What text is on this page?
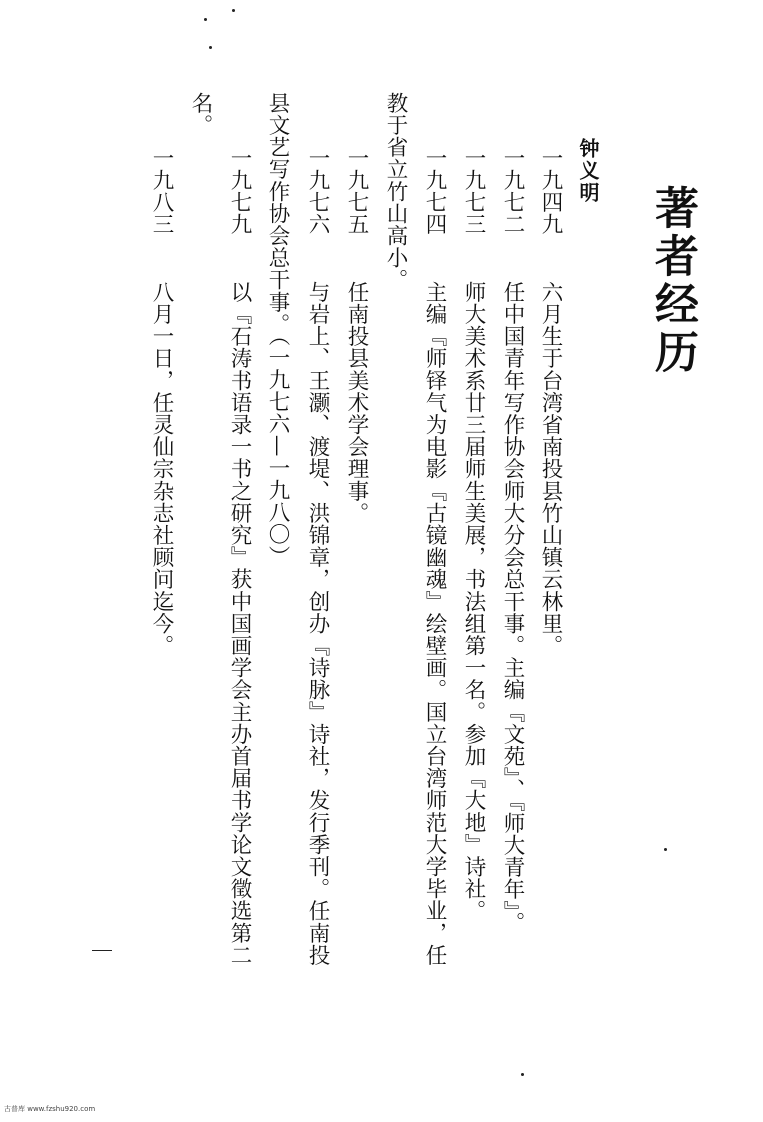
著者经历
钟义明
一九四九六月生于台湾省南投县竹山镇云林里。
一九七二任中国青年写作协会师大分会总干事。主编『文苑』、『师大青年』。
一九七三师大美术系廿三届师生美展，书法组第一名。参加『大地』诗社。
一九七四主编『师铎气为电影『古镜幽魂』绘壁画。国立台湾师范大学毕业，任
教于省立竹山高小。
一九七五任南投县美术学会理事。
一九七六与岩上、王灏、渡堤、洪锦章，创办『诗脉』诗社，发行季刊。任南投
县文艺写作协会总干事。（一九七六—一九八〇）
一九七九以『石涛书语录一书之研究』获中国画学会主办首届书学论文徵选第二
名。
一九八三八月一日，任灵仙宗杂志社顾问迄今。
古普库 www.fzshu920.com
